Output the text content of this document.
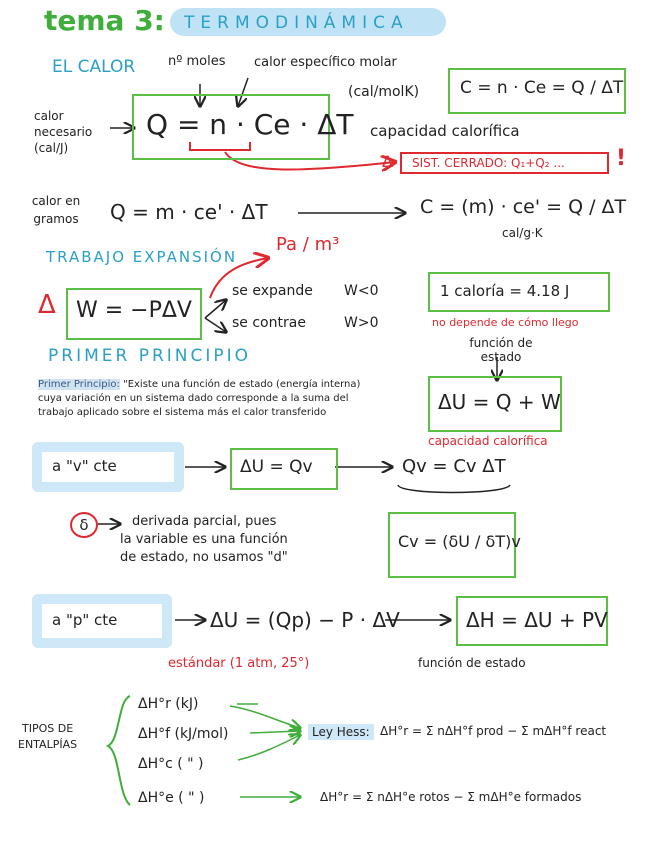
tema 3: TERMODINÁMICA
EL CALOR	nº moles calor específico molar
(cal/molK)
calor necesario (cal/J)
Q = n · Ce · ΔT
C = n · Ce = Q / ΔT
capacidad calorífica
Δ	SIST. CERRADO: Q₁+Q₂ ...	!
calor en gramos	Q = m · ce' · ΔT	C = (m) · ce' = Q / ΔT
cal/g·K
TRABAJO EXPANSIÓN
Pa / m³
Δ W = −PΔV
se expande W<0
se contrae	W>0
1 caloría = 4.18 J
no depende de cómo llego
PRIMER PRINCIPIO
función de estado
Primer Principio: "Existe una función de estado (energía interna) cuya variación en un sistema dado corresponde a la suma del trabajo aplicado sobre el sistema más el calor transferido	ΔU = Q + W
capacidad calorífica
a "v" cte	ΔU = Qv	Qv = Cv ΔT
δ	derivada parcial, pues
la variable es una función
de estado, no usamos "d"
Cv = (δU / δT)v
a "p" cte	ΔU = (Qp) − P · ΔV	ΔH = ΔU + PV
estándar (1 atm, 25°)	función de estado
TIPOS DE
ENTALPÍAS
ΔH°r (kJ)
ΔH°f (kJ/mol)
ΔH°c ( " )
ΔH°e ( " )
Ley Hess: ΔH°r = Σ nΔH°f prod − Σ mΔH°f react
ΔH°r = Σ nΔH°e rotos − Σ mΔH°e formados
